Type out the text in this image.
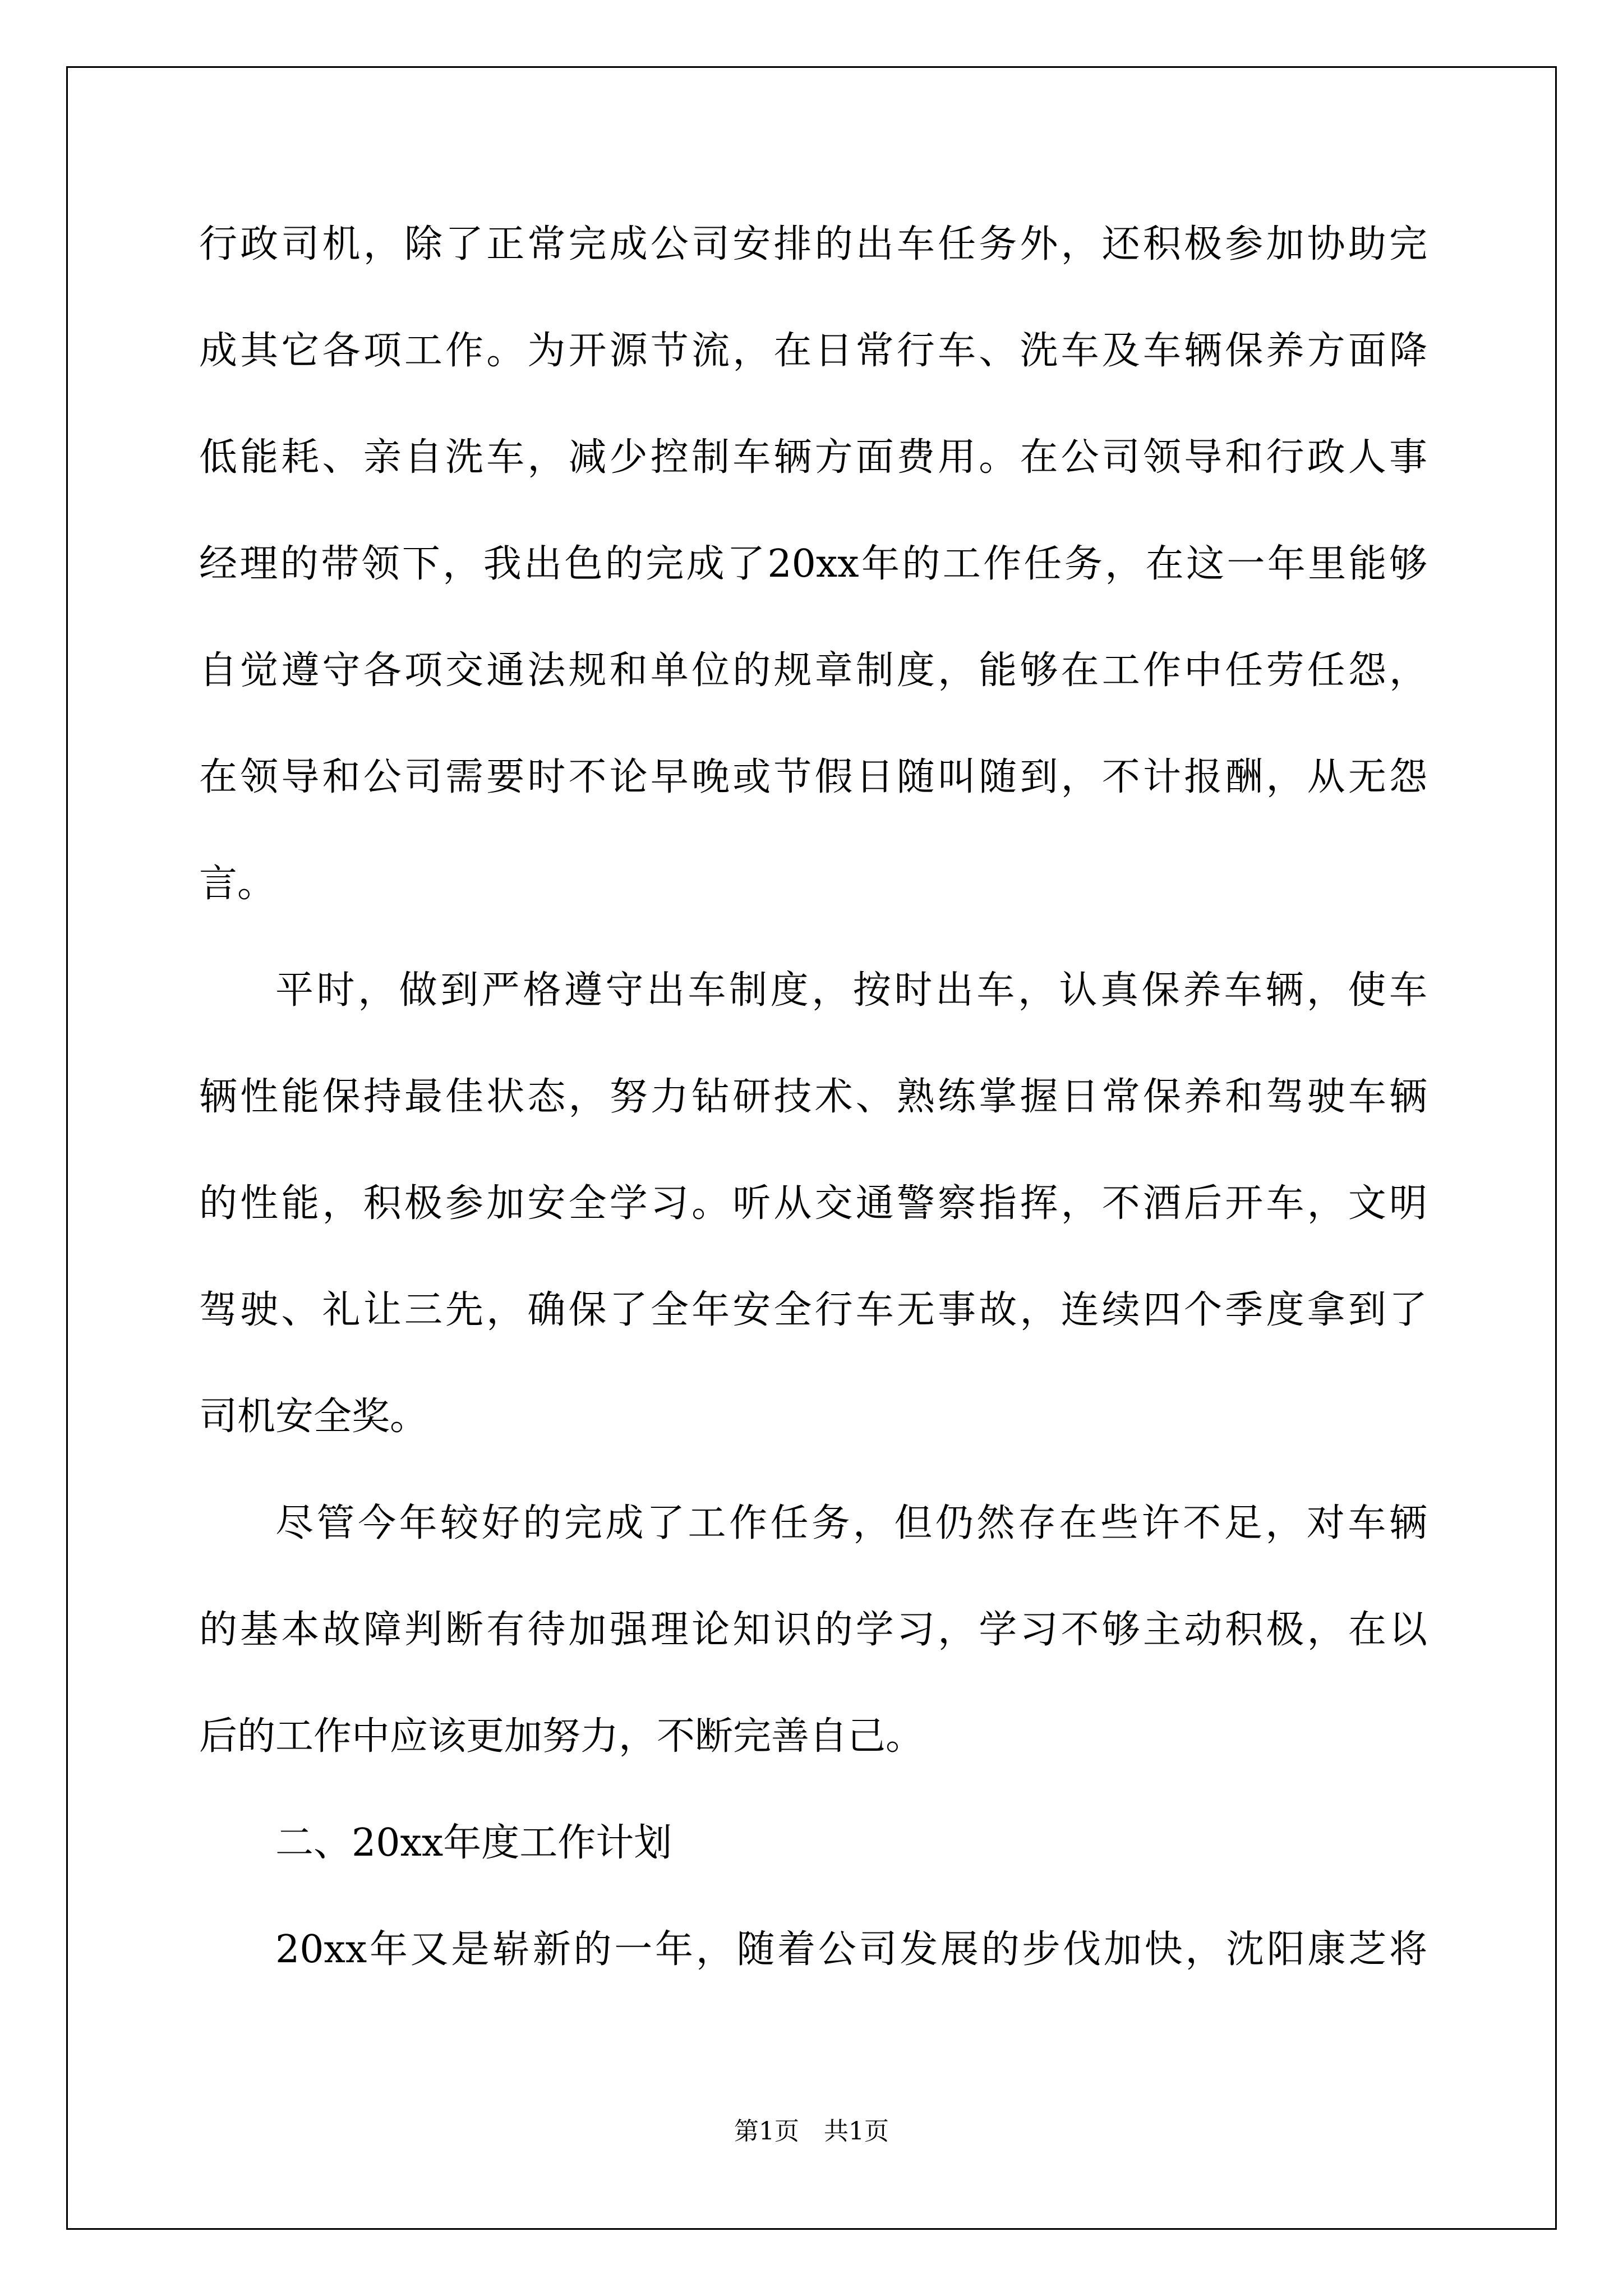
行政司机，除了正常完成公司安排的出车任务外，还积极参加协助完
成其它各项工作。为开源节流，在日常行车、洗车及车辆保养方面降
低能耗、亲自洗车，减少控制车辆方面费用。在公司领导和行政人事
经理的带领下，我出色的完成了20xx年的工作任务，在这一年里能够
自觉遵守各项交通法规和单位的规章制度，能够在工作中任劳任怨，
在领导和公司需要时不论早晚或节假日随叫随到，不计报酬，从无怨
言。
平时，做到严格遵守出车制度，按时出车，认真保养车辆，使车
辆性能保持最佳状态，努力钻研技术、熟练掌握日常保养和驾驶车辆
的性能，积极参加安全学习。听从交通警察指挥，不酒后开车，文明
驾驶、礼让三先，确保了全年安全行车无事故，连续四个季度拿到了
司机安全奖。
尽管今年较好的完成了工作任务，但仍然存在些许不足，对车辆
的基本故障判断有待加强理论知识的学习，学习不够主动积极，在以
后的工作中应该更加努力，不断完善自己。
二、20xx年度工作计划
20xx年又是崭新的一年，随着公司发展的步伐加快，沈阳康芝将
第1页　共1页
